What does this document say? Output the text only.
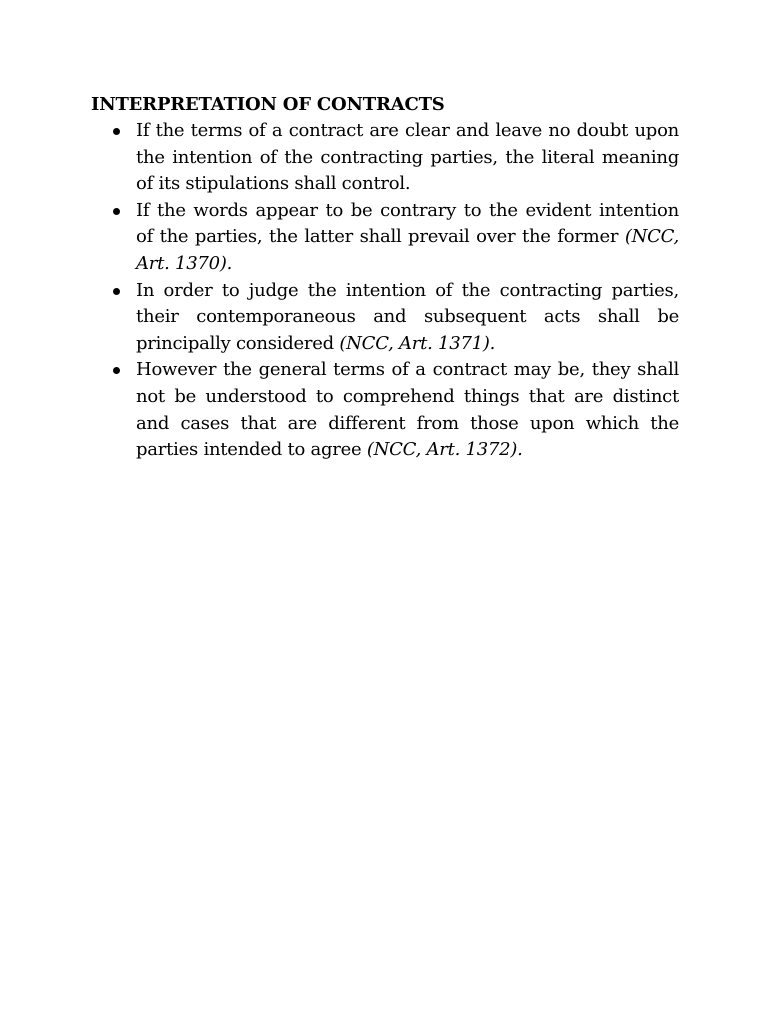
INTERPRETATION OF CONTRACTS
If the terms of a contract are clear and leave no doubt upon the intention of the contracting parties, the literal meaning of its stipulations shall control.
If the words appear to be contrary to the evident intention of the parties, the latter shall prevail over the former (NCC, Art. 1370).
In order to judge the intention of the contracting parties, their contemporaneous and subsequent acts shall be principally considered (NCC, Art. 1371).
However the general terms of a contract may be, they shall not be understood to comprehend things that are distinct and cases that are different from those upon which the parties intended to agree (NCC, Art. 1372).
